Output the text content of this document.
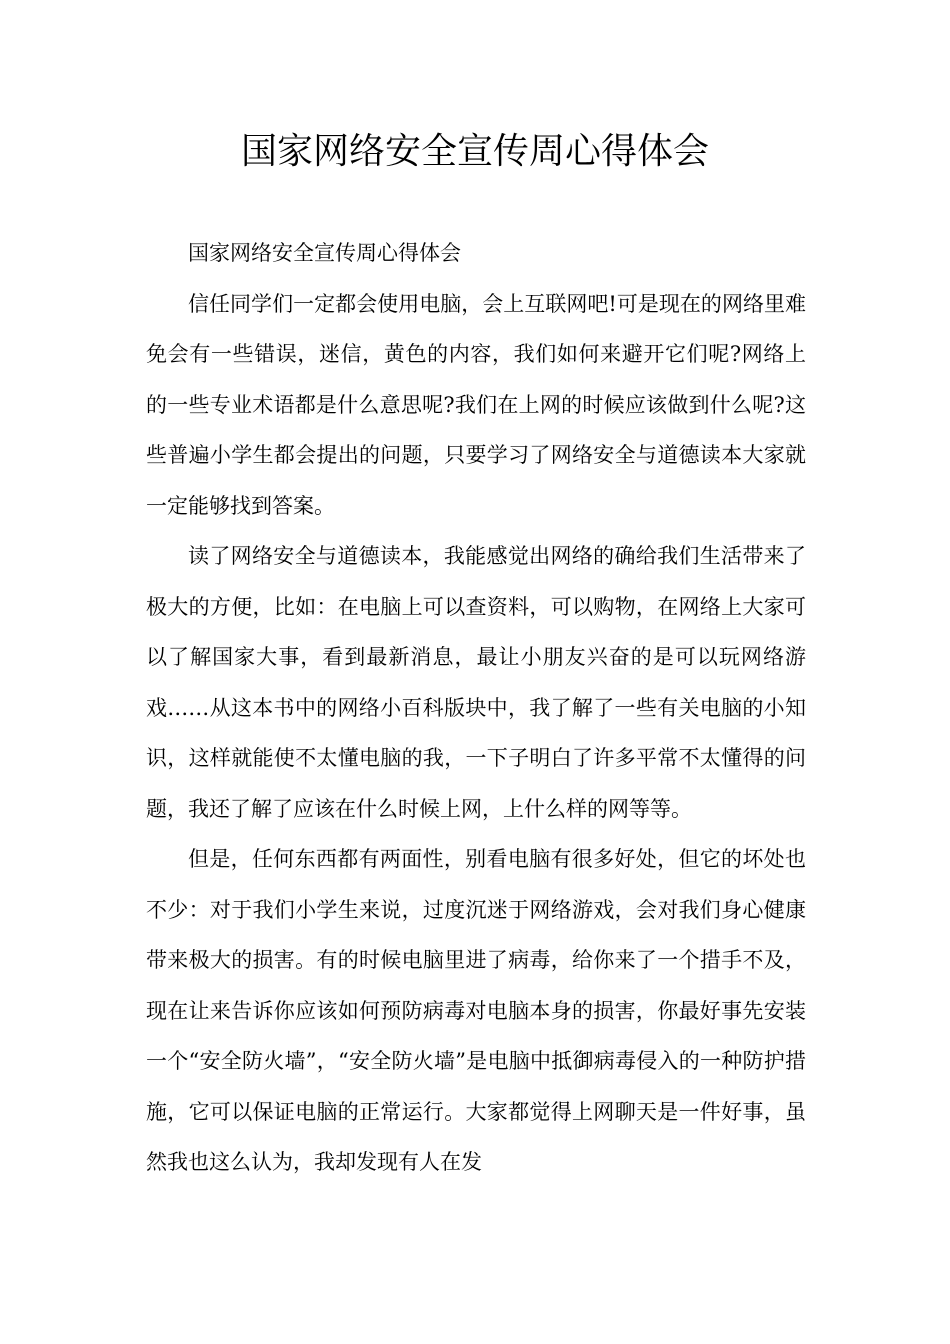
国家网络安全宣传周心得体会

国家网络安全宣传周心得体会

信任同学们一定都会使用电脑，会上互联网吧!可是现在的网络里难免会有一些错误，迷信，黄色的内容，我们如何来避开它们呢?网络上的一些专业术语都是什么意思呢?我们在上网的时候应该做到什么呢?这些普遍小学生都会提出的问题，只要学习了网络安全与道德读本大家就一定能够找到答案。

读了网络安全与道德读本，我能感觉出网络的确给我们生活带来了极大的方便，比如：在电脑上可以查资料，可以购物，在网络上大家可以了解国家大事，看到最新消息，最让小朋友兴奋的是可以玩网络游戏……从这本书中的网络小百科版块中，我了解了一些有关电脑的小知识，这样就能使不太懂电脑的我，一下子明白了许多平常不太懂得的问题，我还了解了应该在什么时候上网，上什么样的网等等。

但是，任何东西都有两面性，别看电脑有很多好处，但它的坏处也不少：对于我们小学生来说，过度沉迷于网络游戏，会对我们身心健康带来极大的损害。有的时候电脑里进了病毒，给你来了一个措手不及，现在让来告诉你应该如何预防病毒对电脑本身的损害，你最好事先安装一个“安全防火墙”，“安全防火墙”是电脑中抵御病毒侵入的一种防护措施，它可以保证电脑的正常运行。大家都觉得上网聊天是一件好事，虽然我也这么认为，我却发现有人在发
